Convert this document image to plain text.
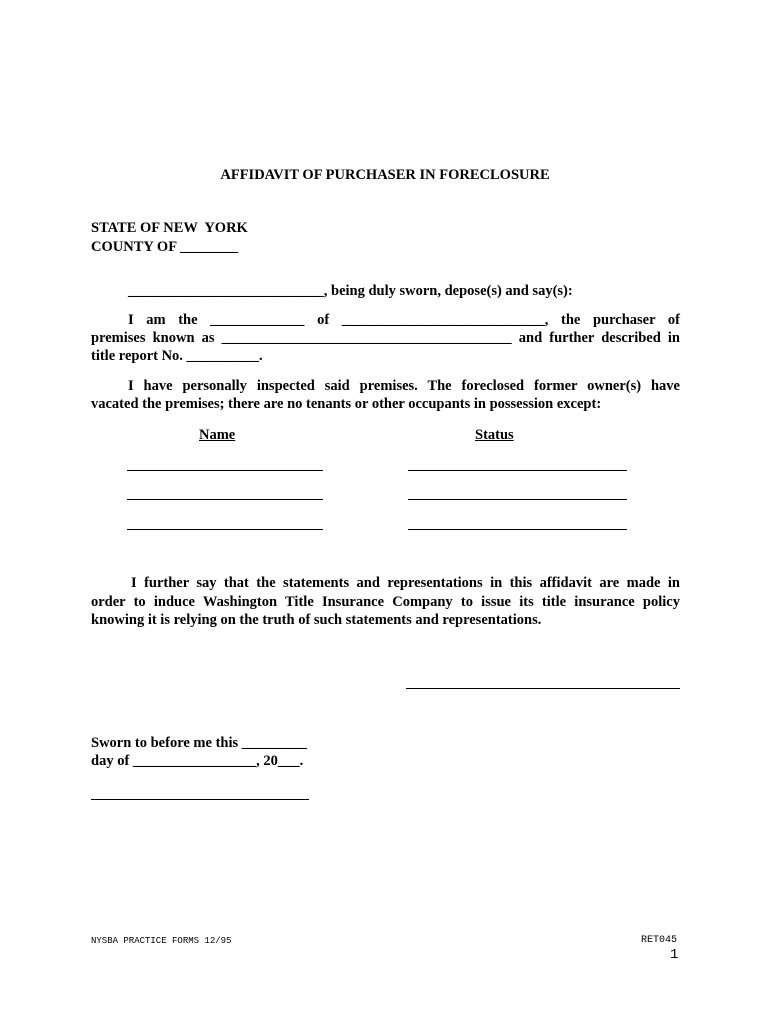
AFFIDAVIT OF PURCHASER IN FORECLOSURE
STATE OF NEW  YORK
COUNTY OF ________
___________________________, being duly sworn, depose(s) and say(s):
I am the _____________ of ____________________________, the purchaser of
premises known as ________________________________________ and further described in
title report No. __________.
I have personally inspected said premises. The foreclosed former owner(s) have
vacated the premises; there are no tenants or other occupants in possession except:
Name	Status
I further say that the statements and representations in this affidavit are made in
order to induce Washington Title Insurance Company to issue its title insurance policy
knowing it is relying on the truth of such statements and representations.
Sworn to before me this _________
day of _________________, 20___.
NYSBA PRACTICE FORMS 12/95	RET045
1
